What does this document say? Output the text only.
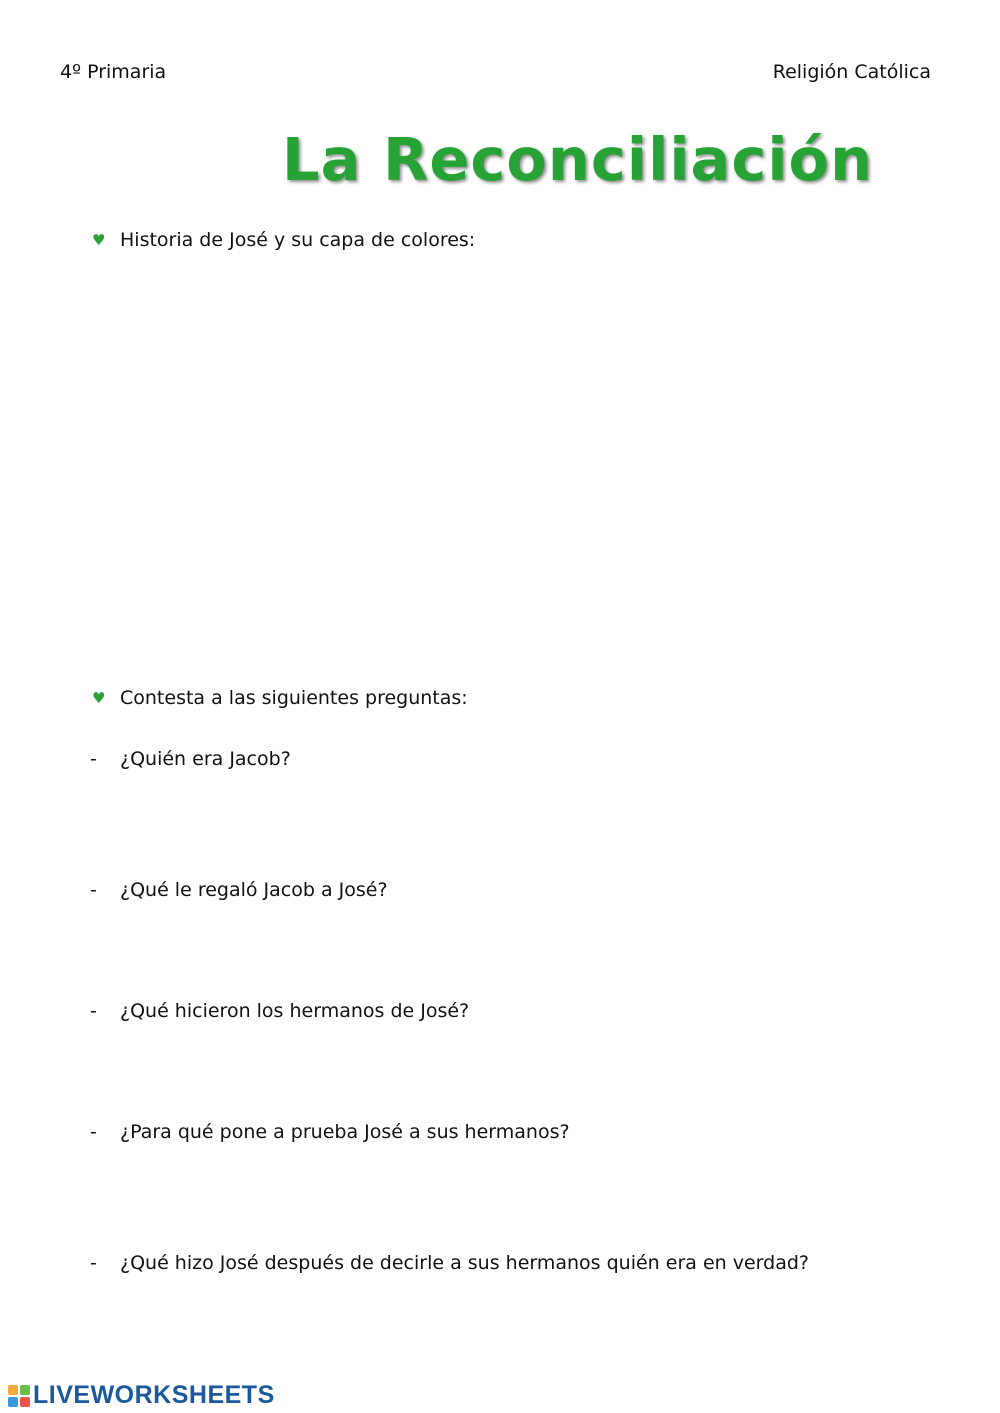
4º Primaria	Religión Católica
La Reconciliación
♥ Historia de José y su capa de colores:
♥ Contesta a las siguientes preguntas:
-	¿Quién era Jacob?
-	¿Qué le regaló Jacob a José?
-	¿Qué hicieron los hermanos de José?
-	¿Para qué pone a prueba José a sus hermanos?
-	¿Qué hizo José después de decirle a sus hermanos quién era en verdad?
LIVEWORKSHEETS
